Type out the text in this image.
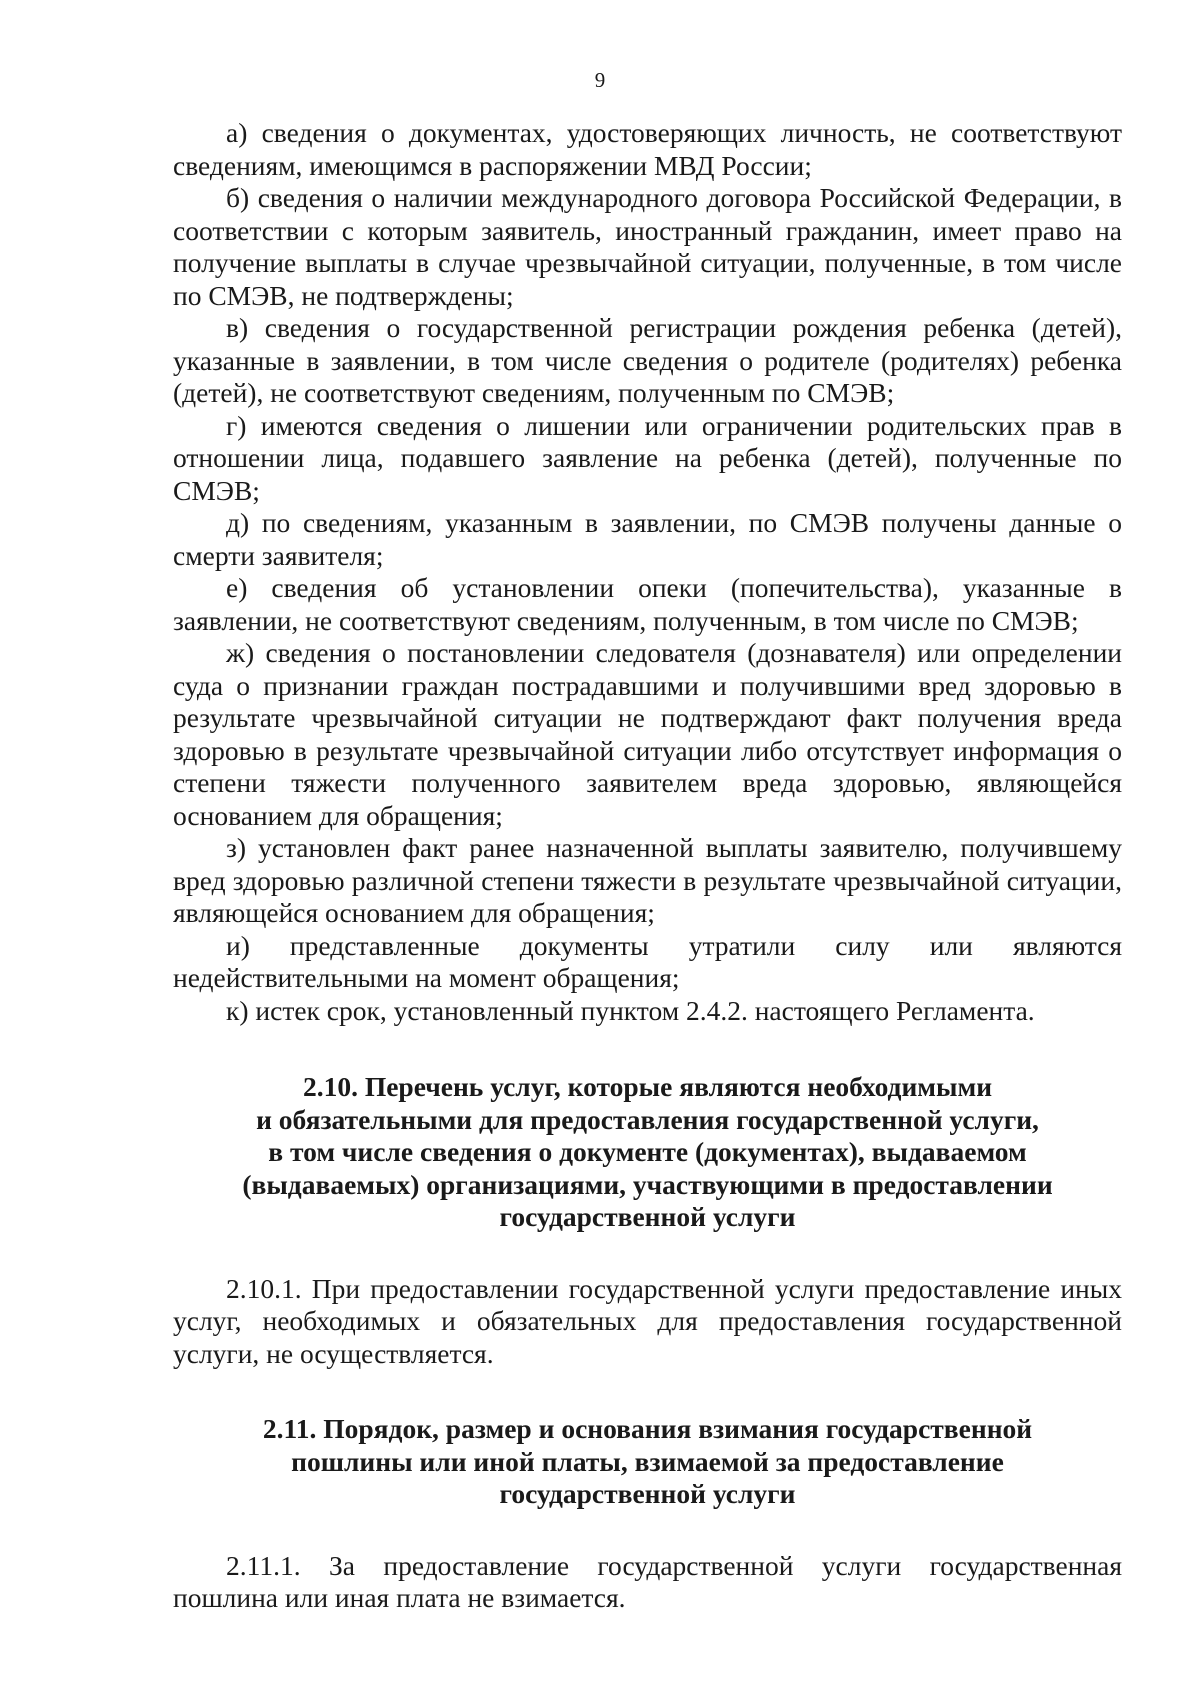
9

а) сведения о документах, удостоверяющих личность, не соответствуют сведениям, имеющимся в распоряжении МВД России;

б) сведения о наличии международного договора Российской Федерации, в соответствии с которым заявитель, иностранный гражданин, имеет право на получение выплаты в случае чрезвычайной ситуации, полученные, в том числе по СМЭВ, не подтверждены;

в) сведения о государственной регистрации рождения ребенка (детей), указанные в заявлении, в том числе сведения о родителе (родителях) ребенка (детей), не соответствуют сведениям, полученным по СМЭВ;

г) имеются сведения о лишении или ограничении родительских прав в отношении лица, подавшего заявление на ребенка (детей), полученные по СМЭВ;

д) по сведениям, указанным в заявлении, по СМЭВ получены данные о смерти заявителя;

е) сведения об установлении опеки (попечительства), указанные в заявлении, не соответствуют сведениям, полученным, в том числе по СМЭВ;

ж) сведения о постановлении следователя (дознавателя) или определении суда о признании граждан пострадавшими и получившими вред здоровью в результате чрезвычайной ситуации не подтверждают факт получения вреда здоровью в результате чрезвычайной ситуации либо отсутствует информация о степени тяжести полученного заявителем вреда здоровью, являющейся основанием для обращения;

з) установлен факт ранее назначенной выплаты заявителю, получившему вред здоровью различной степени тяжести в результате чрезвычайной ситуации, являющейся основанием для обращения;

и) представленные документы утратили силу или являются недействительными на момент обращения;

к) истек срок, установленный пунктом 2.4.2. настоящего Регламента.

2.10. Перечень услуг, которые являются необходимыми
и обязательными для предоставления государственной услуги,
в том числе сведения о документе (документах), выдаваемом
(выдаваемых) организациями, участвующими в предоставлении
государственной услуги

2.10.1. При предоставлении государственной услуги предоставление иных услуг, необходимых и обязательных для предоставления государственной услуги, не осуществляется.

2.11. Порядок, размер и основания взимания государственной
пошлины или иной платы, взимаемой за предоставление
государственной услуги

2.11.1. За предоставление государственной услуги государственная пошлина или иная плата не взимается.
